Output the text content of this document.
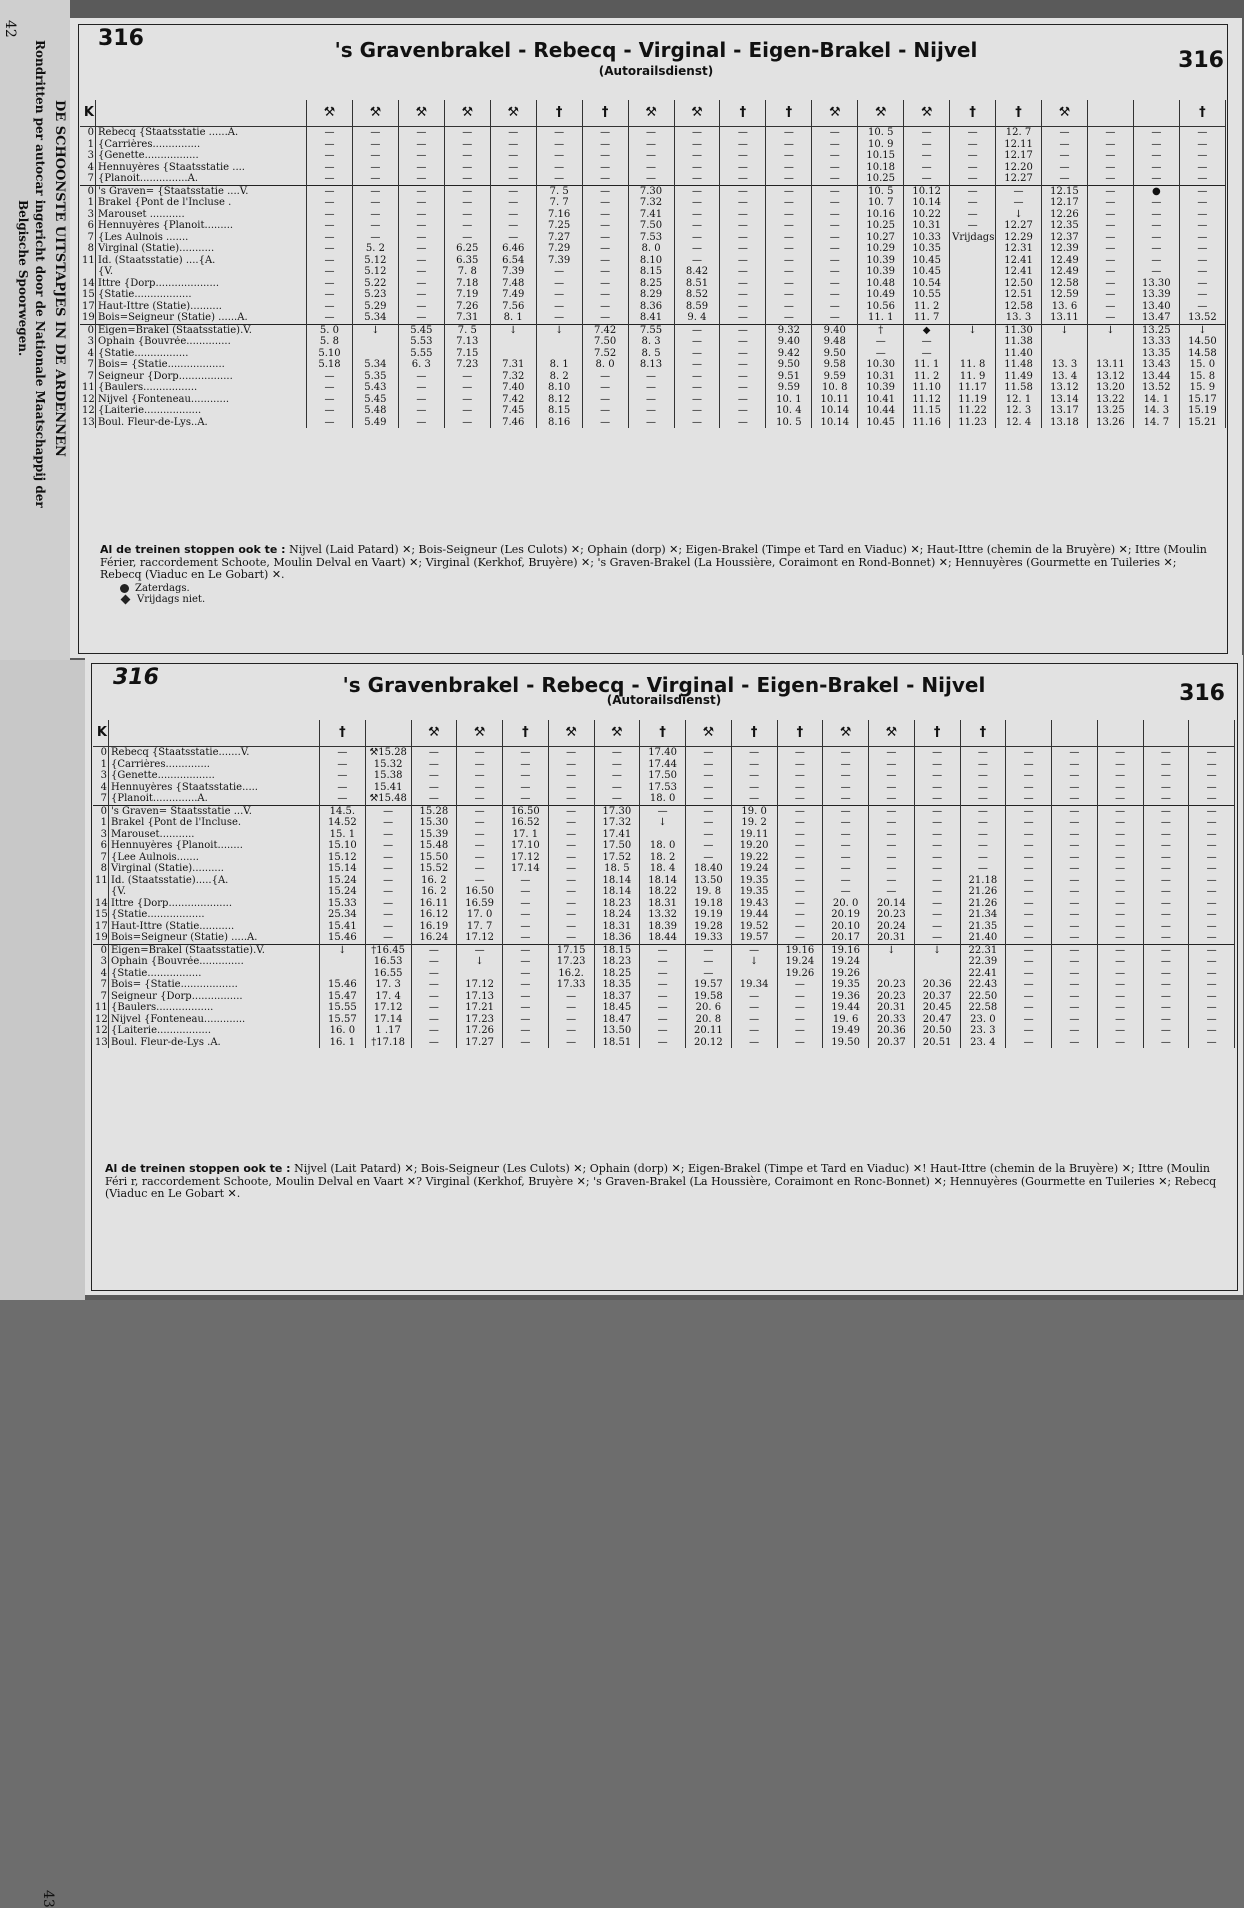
42
DE SCHOONSTE UITSTAPJES IN DE ARDENNEN
Rondritten per autocar ingericht door de Nationale Maatschappij der
Belgische Spoorwegen.
43
316	's Gravenbrakel - Rebecq - Virginal - Eigen-Brakel - Nijvel
(Autorailsdienst)	316
K		⚒	⚒	⚒	⚒	⚒	†	†	⚒	⚒	†	†	⚒	⚒	⚒	†	†	⚒			†
0	Rebecq {Staatsstatie ......A.	—	—	—	—	—	—	—	—	—	—	—	—	10. 5	—	—	12. 7	—	—	—	—
1	{Carrières...............	—	—	—	—	—	—	—	—	—	—	—	—	10. 9	—	—	12.11	—	—	—	—
3	{Genette.................	—	—	—	—	—	—	—	—	—	—	—	—	10.15	—	—	12.17	—	—	—	—
4	Hennuyères {Staatsstatie ....	—	—	—	—	—	—	—	—	—	—	—	—	10.18	—	—	12.20	—	—	—	—
7	{Planoit...............A.	—	—	—	—	—	—	—	—	—	—	—	—	10.25	—	—	12.27	—	—	—	—
0	's Graven= {Staatsstatie ....V.	—	—	—	—	—	7. 5	—	7.30	—	—	—	—	10. 5	10.12	—	—	12.15	—	●	—
1	Brakel {Pont de l'Incluse .	—	—	—	—	—	7. 7	—	7.32	—	—	—	—	10. 7	10.14	—	—	12.17	—	—	—
3	Marouset ...........	—	—	—	—	—	7.16	—	7.41	—	—	—	—	10.16	10.22	—	↓	12.26	—	—	—
6	Hennuyères {Planoit.........	—	—	—	—	—	7.25	—	7.50	—	—	—	—	10.25	10.31	—	12.27	12.35	—	—	—
7	{Les Aulnois .......	—	—	—	—	—	7.27	—	7.53	—	—	—	—	10.27	10.33	Vrijdags	12.29	12.37	—	—	—
8	Virginal (Statie)...........	—	5. 2	—	6.25	6.46	7.29	—	8. 0	—	—	—	—	10.29	10.35		12.31	12.39	—	—	—
11	Id. (Staatsstatie) ....{A.	—	5.12	—	6.35	6.54	7.39	—	8.10	—	—	—	—	10.39	10.45		12.41	12.49	—	—	—
	{V.	—	5.12	—	7. 8	7.39	—	—	8.15	8.42	—	—	—	10.39	10.45		12.41	12.49	—	—	—
14	Ittre {Dorp....................	—	5.22	—	7.18	7.48	—	—	8.25	8.51	—	—	—	10.48	10.54		12.50	12.58	—	13.30	—
15	{Statie..................	—	5.23	—	7.19	7.49	—	—	8.29	8.52	—	—	—	10.49	10.55		12.51	12.59	—	13.39	—
17	Haut-Ittre (Statie)..........	—	5.29	—	7.26	7.56	—	—	8.36	8.59	—	—	—	10.56	11. 2		12.58	13. 6	—	13.40	—
19	Bois=Seigneur (Statie) ......A.	—	5.34	—	7.31	8. 1	—	—	8.41	9. 4	—	—	—	11. 1	11. 7		13. 3	13.11	—	13.47	13.52
0	Eigen=Brakel (Staatsstatie).V.	5. 0	↓	5.45	7. 5	↓	↓	7.42	7.55	—	—	9.32	9.40	†	◆	↓	11.30	↓	↓	13.25	↓
3	Ophain {Bouvrée..............	5. 8		5.53	7.13			7.50	8. 3	—	—	9.40	9.48	—	—		11.38			13.33	14.50
4	{Statie.................	5.10		5.55	7.15			7.52	8. 5	—	—	9.42	9.50	—	—		11.40			13.35	14.58
7	Bois= {Statie..................	5.18	5.34	6. 3	7.23	7.31	8. 1	8. 0	8.13	—	—	9.50	9.58	10.30	11. 1	11. 8	11.48	13. 3	13.11	13.43	15. 0
7	Seigneur {Dorp.................	—	5.35	—	—	7.32	8. 2	—	—	—	—	9.51	9.59	10.31	11. 2	11. 9	11.49	13. 4	13.12	13.44	15. 8
11	{Baulers.................	—	5.43	—	—	7.40	8.10	—	—	—	—	9.59	10. 8	10.39	11.10	11.17	11.58	13.12	13.20	13.52	15. 9
12	Nijvel {Fonteneau............	—	5.45	—	—	7.42	8.12	—	—	—	—	10. 1	10.11	10.41	11.12	11.19	12. 1	13.14	13.22	14. 1	15.17
12	{Laiterie..................	—	5.48	—	—	7.45	8.15	—	—	—	—	10. 4	10.14	10.44	11.15	11.22	12. 3	13.17	13.25	14. 3	15.19
13	Boul. Fleur-de-Lys..A.	—	5.49	—	—	7.46	8.16	—	—	—	—	10. 5	10.14	10.45	11.16	11.23	12. 4	13.18	13.26	14. 7	15.21
Al de treinen stoppen ook te : Nijvel (Laid Patard) ✕; Bois-Seigneur (Les Culots) ✕; Ophain (dorp) ✕; Eigen-Brakel (Timpe et Tard en Viaduc) ✕; Haut-Ittre (chemin de la Bruyère) ✕; Ittre (Moulin Férier, raccordement Schoote, Moulin Delval en Vaart) ✕; Virginal (Kerkhof, Bruyère) ✕; 's Graven-Brakel (La Houssière, Coraimont en Rond-Bonnet) ✕; Hennuyères (Gourmette en Tuileries ✕; Rebecq (Viaduc en Le Gobart) ✕.
Zaterdags.
Vrijdags niet.
316	's Gravenbrakel - Rebecq - Virginal - Eigen-Brakel - Nijvel
(Autorailsdienst)	316
K		†		⚒	⚒	†	⚒	⚒	†	⚒	†	†	⚒	⚒	†	†					
0	Rebecq {Staatsstatie.......V.	—	⚒15.28	—	—	—	—	—	17.40	—	—	—	—	—	—	—	—	—	—	—	—
1	{Carrières..............	—	15.32	—	—	—	—	—	17.44	—	—	—	—	—	—	—	—	—	—	—	—
3	{Genette..................	—	15.38	—	—	—	—	—	17.50	—	—	—	—	—	—	—	—	—	—	—	—
4	Hennuyères {Staatsstatie.....	—	15.41	—	—	—	—	—	17.53	—	—	—	—	—	—	—	—	—	—	—	—
7	{Planoit..............A.	—	⚒15.48	—	—	—	—	—	18. 0	—	—	—	—	—	—	—	—	—	—	—	—
0	's Graven= Staatsstatie ...V.	14.5.	—	15.28	—	16.50	—	17.30	—	—	19. 0	—	—	—	—	—	—	—	—	—	—
1	Brakel {Pont de l'Incluse.	14.52	—	15.30	—	16.52	—	17.32	↓	—	19. 2	—	—	—	—	—	—	—	—	—	—
3	Marouset...........	15. 1	—	15.39	—	17. 1	—	17.41		—	19.11	—	—	—	—	—	—	—	—	—	—
6	Hennuyères {Planoit........	15.10	—	15.48	—	17.10	—	17.50	18. 0	—	19.20	—	—	—	—	—	—	—	—	—	—
7	{Lee Aulnois.......	15.12	—	15.50	—	17.12	—	17.52	18. 2	—	19.22	—	—	—	—	—	—	—	—	—	—
8	Virginal (Statie)..........	15.14	—	15.52	—	17.14	—	18. 5	18. 4	18.40	19.24	—	—	—	—	—	—	—	—	—	—
11	Id. (Staatsstatie).....{A.	15.24	—	16. 2	—	—	—	18.14	18.14	13.50	19.35	—	—	—	—	21.18	—	—	—	—	—
	{V.	15.24	—	16. 2	16.50	—	—	18.14	18.22	19. 8	19.35	—	—	—	—	21.26	—	—	—	—	—
14	Ittre {Dorp....................	15.33	—	16.11	16.59	—	—	18.23	18.31	19.18	19.43	—	20. 0	20.14	—	21.26	—	—	—	—	—
15	{Statie..................	25.34	—	16.12	17. 0	—	—	18.24	13.32	19.19	19.44	—	20.19	20.23	—	21.34	—	—	—	—	—
17	Haut-Ittre (Statie...........	15.41	—	16.19	17. 7	—	—	18.31	18.39	19.28	19.52	—	20.10	20.24	—	21.35	—	—	—	—	—
19	Bois=Seigneur (Statie) .....A.	15.46	—	16.24	17.12	—	—	18.36	18.44	19.33	19.57	—	20.17	20.31	—	21.40	—	—	—	—	—
0	Eigen=Brakel (Staatsstatie).V.	↓	†16.45	—	—	—	17.15	18.15	—	—	—	19.16	19.16	↓	↓	22.31	—	—	—	—	—
3	Ophain {Bouvrée..............		16.53	—	↓	—	17.23	18.23	—	—	↓	19.24	19.24			22.39	—	—	—	—	—
4	{Statie.................		16.55	—		—	16.2.	18.25	—	—		19.26	19.26			22.41	—	—	—	—	—
7	Bois= {Statie..................	15.46	17. 3	—	17.12	—	17.33	18.35	—	19.57	19.34	—	19.35	20.23	20.36	22.43	—	—	—	—	—
7	Seigneur {Dorp................	15.47	17. 4	—	17.13	—	—	18.37	—	19.58	—	—	19.36	20.23	20.37	22.50	—	—	—	—	—
11	{Baulers..................	15.55	17.12	—	17.21	—	—	18.45	—	20. 6	—	—	19.44	20.31	20.45	22.58	—	—	—	—	—
12	Nijvel {Fonteneau.............	15.57	17.14	—	17.23	—	—	18.47	—	20. 8	—	—	19. 6	20.33	20.47	23. 0	—	—	—	—	—
12	{Laiterie.................	16. 0	1 .17	—	17.26	—	—	13.50	—	20.11	—	—	19.49	20.36	20.50	23. 3	—	—	—	—	—
13	Boul. Fleur-de-Lys .A.	16. 1	†17.18	—	17.27	—	—	18.51	—	20.12	—	—	19.50	20.37	20.51	23. 4	—	—	—	—	—
Al de treinen stoppen ook te : Nijvel (Lait Patard) ✕; Bois-Seigneur (Les Culots) ✕; Ophain (dorp) ✕; Eigen-Brakel (Timpe et Tard en Viaduc) ✕! Haut-Ittre (chemin de la Bruyère) ✕; Ittre (Moulin Féri r, raccordement Schoote, Moulin Delval en Vaart ✕? Virginal (Kerkhof, Bruyère ✕; 's Graven-Brakel (La Houssière, Coraimont en Ronc-Bonnet) ✕; Hennuyères (Gourmette en Tuileries ✕; Rebecq (Viaduc en Le Gobart ✕.
